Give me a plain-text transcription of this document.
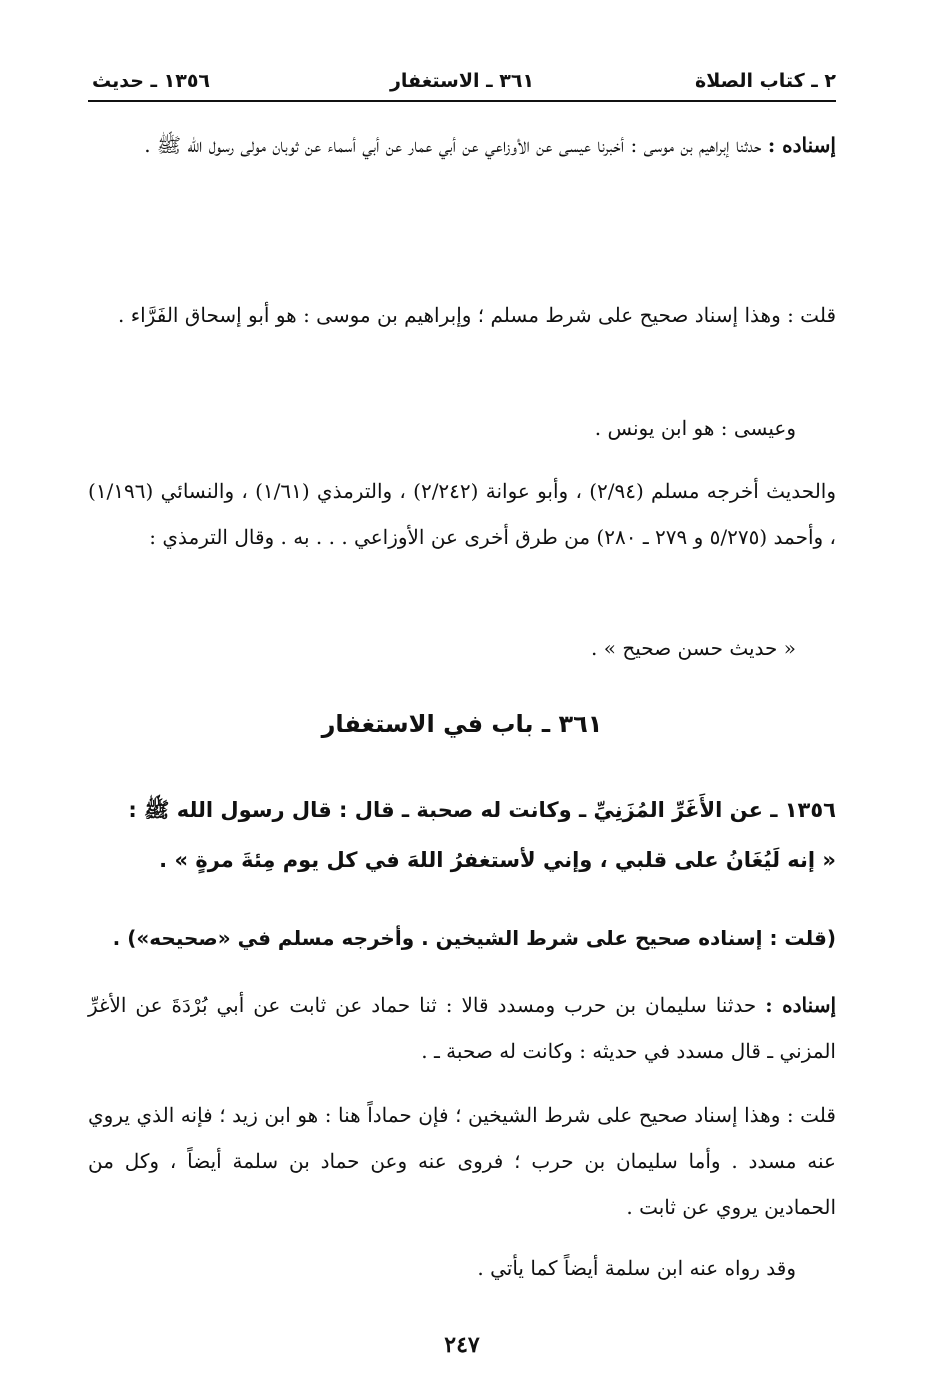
٢ ـ كتاب الصلاة
٣٦١ ـ الاستغفار
١٣٥٦ ـ حديث

إسناده : حدثنا إبراهيم بن موسى : أخبرنا عيسى عن الأوزاعي عن أبي عمار عن أبي أسماء عن ثوبان مولى رسول الله ﷺ .

قلت : وهذا إسناد صحيح على شرط مسلم ؛ وإبراهيم بن موسى : هو أبو إسحاق الفَرَّاء .

وعيسى : هو ابن يونس .

والحديث أخرجه مسلم (٢/٩٤) ، وأبو عوانة (٢/٢٤٢) ، والترمذي (١/٦١) ، والنسائي (١/١٩٦) ، وأحمد (٥/٢٧٥ و ٢٧٩ ـ ٢٨٠) من طرق أخرى عن الأوزاعي . . . به . وقال الترمذي :

« حديث حسن صحيح » .

٣٦١ ـ باب في الاستغفار
١٣٥٦ ـ عن الأَغَرِّ المُزَنِيِّ ـ وكانت له صحبة ـ قال : قال رسول الله ﷺ :
« إنه لَيُغَانُ على قلبي ، وإني لأستغفرُ اللهَ في كل يوم مِئةَ مرةٍ » .
(قلت : إسناده صحيح على شرط الشيخين . وأخرجه مسلم في «صحيحه») .

إسناده : حدثنا سليمان بن حرب ومسدد قالا : ثنا حماد عن ثابت عن أبي بُرْدَةَ عن الأغرِّ المزني ـ قال مسدد في حديثه : وكانت له صحبة ـ .

قلت : وهذا إسناد صحيح على شرط الشيخين ؛ فإن حماداً هنا : هو ابن زيد ؛ فإنه الذي يروي عنه مسدد . وأما سليمان بن حرب ؛ فروى عنه وعن حماد بن سلمة أيضاً ، وكل من الحمادين يروي عن ثابت .

وقد رواه عنه ابن سلمة أيضاً كما يأتي .

٢٤٧
